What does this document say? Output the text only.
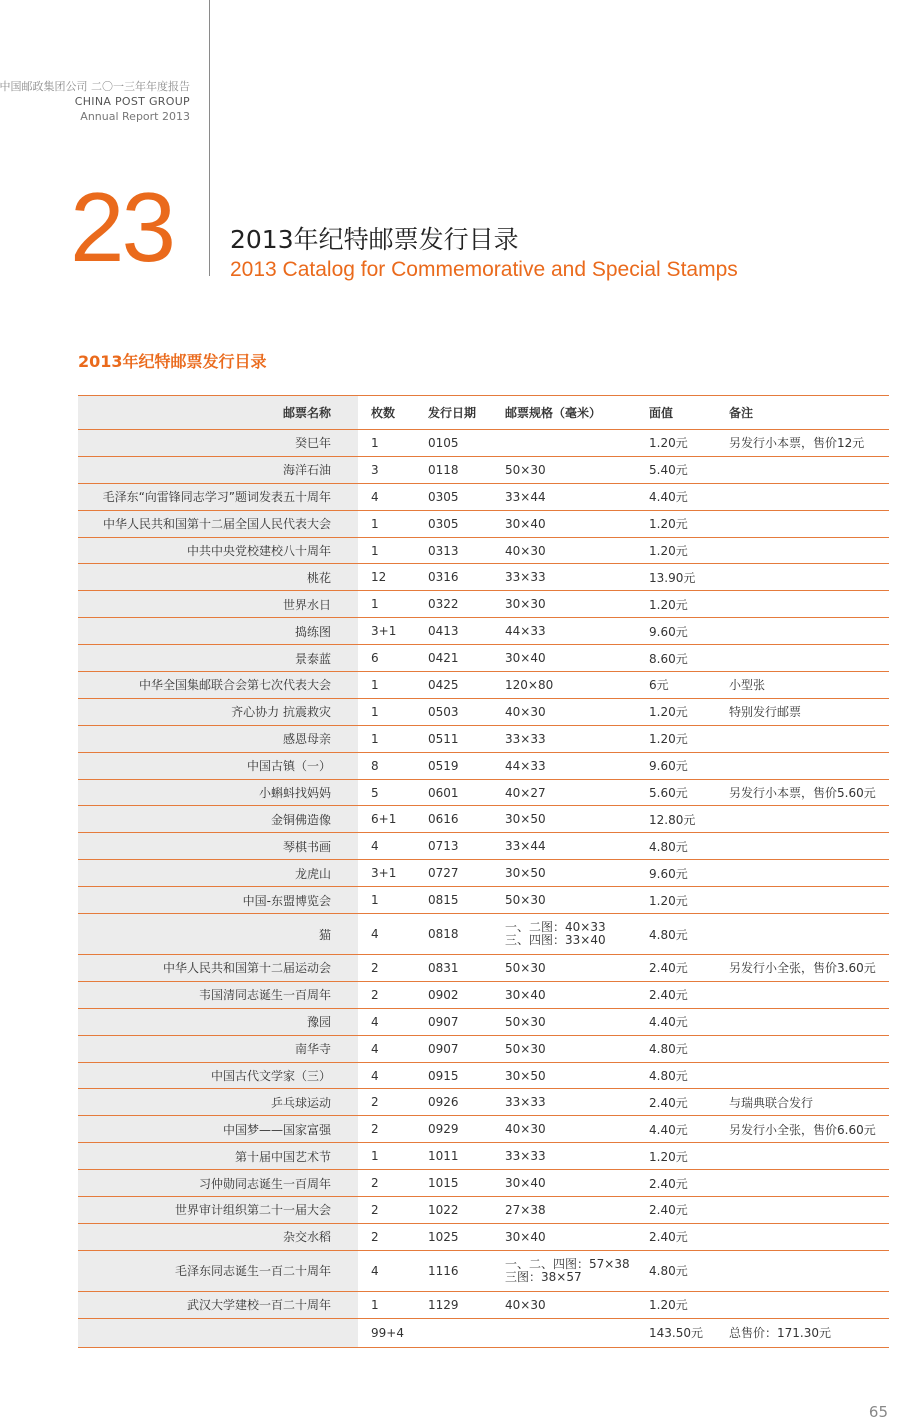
中国邮政集团公司 二〇一三年年度报告
CHINA POST GROUP
Annual Report 2013
23 2013年纪特邮票发行目录
2013 Catalog for Commemorative and Special Stamps
2013年纪特邮票发行目录
邮票名称	枚数	发行日期	邮票规格（毫米）	面值	备注
癸巳年	1	0105		1.20元	另发行小本票，售价12元
海洋石油	3	0118	50×30	5.40元	
毛泽东“向雷锋同志学习”题词发表五十周年	4	0305	33×44	4.40元	
中华人民共和国第十二届全国人民代表大会	1	0305	30×40	1.20元	
中共中央党校建校八十周年	1	0313	40×30	1.20元	
桃花	12	0316	33×33	13.90元	
世界水日	1	0322	30×30	1.20元	
捣练图	3+1	0413	44×33	9.60元	
景泰蓝	6	0421	30×40	8.60元	
中华全国集邮联合会第七次代表大会	1	0425	120×80	6元	小型张
齐心协力 抗震救灾	1	0503	40×30	1.20元	特别发行邮票
感恩母亲	1	0511	33×33	1.20元	
中国古镇（一）	8	0519	44×33	9.60元	
小蝌蚪找妈妈	5	0601	40×27	5.60元	另发行小本票，售价5.60元
金铜佛造像	6+1	0616	30×50	12.80元	
琴棋书画	4	0713	33×44	4.80元	
龙虎山	3+1	0727	30×50	9.60元	
中国-东盟博览会	1	0815	50×30	1.20元	
猫	4	0818	一、二图：40×33
三、四图：33×40	4.80元	
中华人民共和国第十二届运动会	2	0831	50×30	2.40元	另发行小全张，售价3.60元
韦国清同志诞生一百周年	2	0902	30×40	2.40元	
豫园	4	0907	50×30	4.40元	
南华寺	4	0907	50×30	4.80元	
中国古代文学家（三）	4	0915	30×50	4.80元	
乒乓球运动	2	0926	33×33	2.40元	与瑞典联合发行
中国梦——国家富强	2	0929	40×30	4.40元	另发行小全张，售价6.60元
第十届中国艺术节	1	1011	33×33	1.20元	
习仲勋同志诞生一百周年	2	1015	30×40	2.40元	
世界审计组织第二十一届大会	2	1022	27×38	2.40元	
杂交水稻	2	1025	30×40	2.40元	
毛泽东同志诞生一百二十周年	4	1116	一、二、四图：57×38
三图：38×57	4.80元	
武汉大学建校一百二十周年	1	1129	40×30	1.20元	
	99+4			143.50元	总售价：171.30元
65
